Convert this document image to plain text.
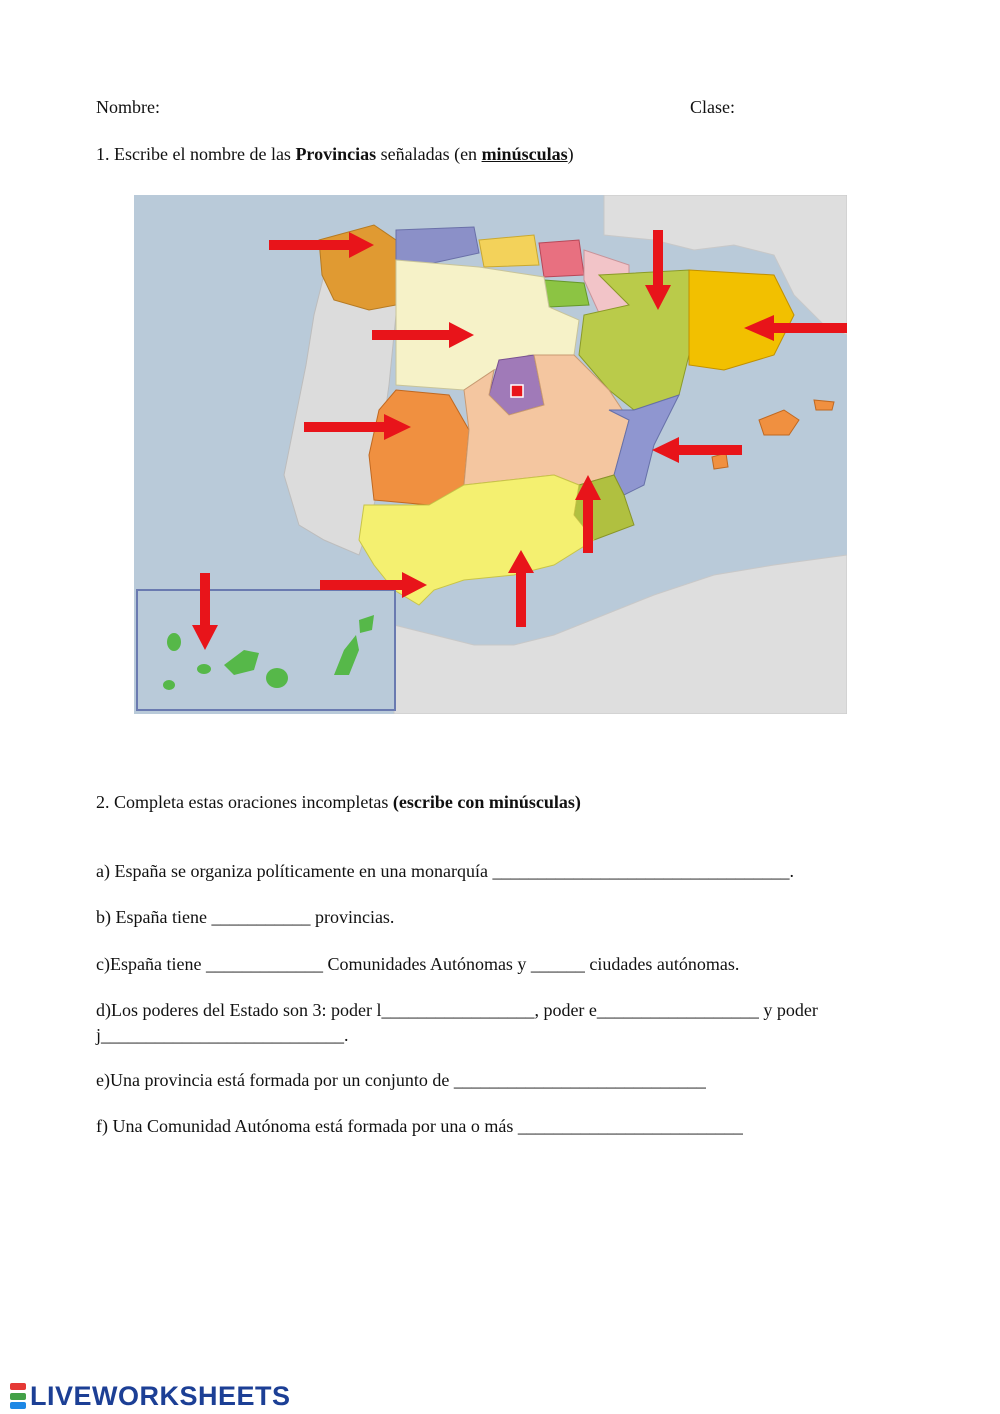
Nombre:	Clase:
1. Escribe el nombre de las Provincias señaladas (en minúsculas)
2. Completa estas oraciones incompletas (escribe con minúsculas)
a) España se organiza políticamente en una monarquía _________________________________.
b) España tiene ___________ provincias.
c)España tiene _____________ Comunidades Autónomas y ______ ciudades autónomas.
d)Los poderes del Estado son 3: poder l_________________, poder e__________________ y poder
j___________________________.
e)Una provincia está formada por un conjunto de ____________________________
f) Una Comunidad Autónoma está formada por una o más _________________________
LIVEWORKSHEETS
